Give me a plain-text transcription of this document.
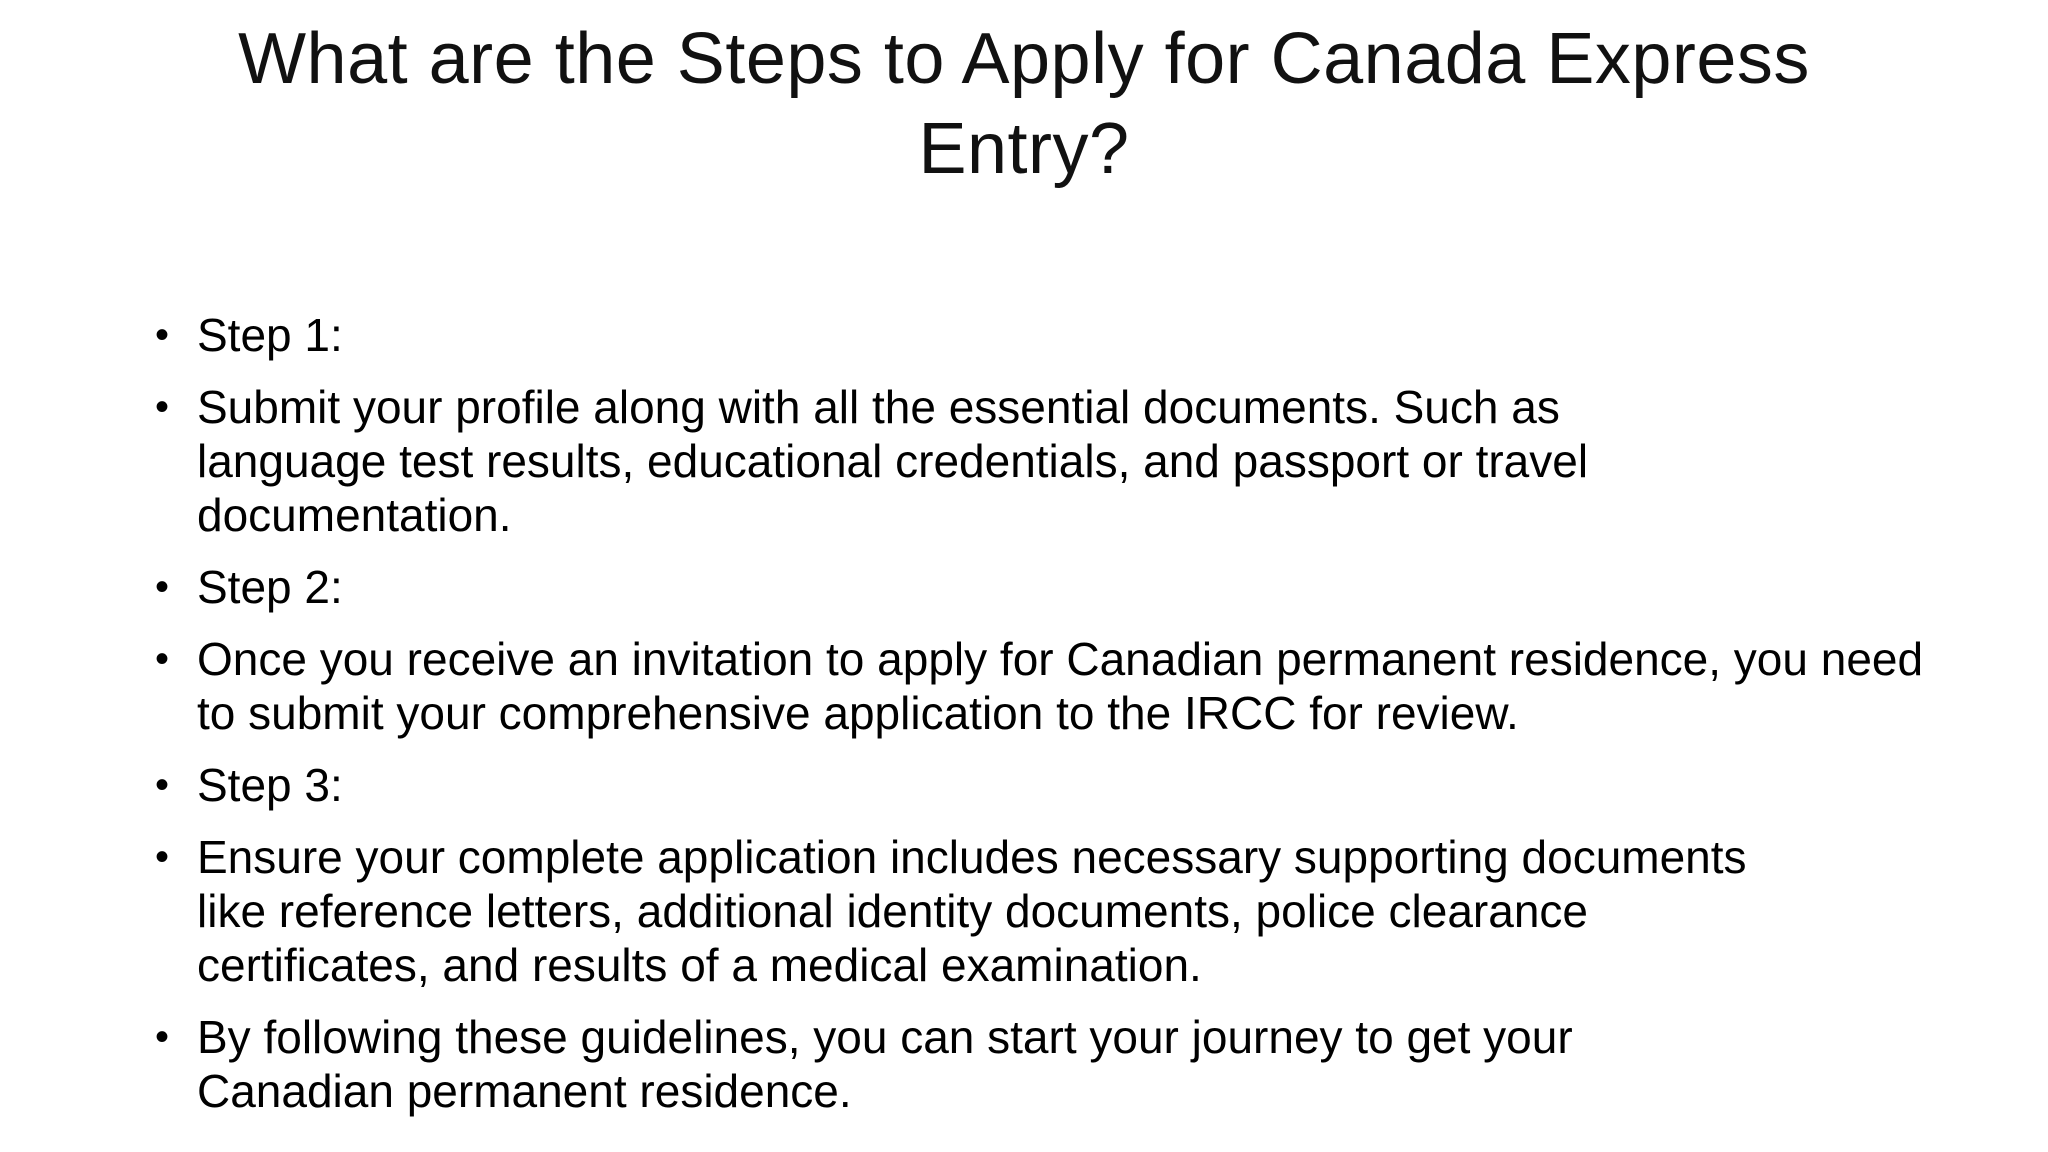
What are the Steps to Apply for Canada Express Entry?
• Step 1:
• Submit your profile along with all the essential documents. Such as language test results, educational credentials, and passport or travel documentation.
• Step 2:
• Once you receive an invitation to apply for Canadian permanent residence, you need to submit your comprehensive application to the IRCC for review.
• Step 3:
• Ensure your complete application includes necessary supporting documents like reference letters, additional identity documents, police clearance certificates, and results of a medical examination.
• By following these guidelines, you can start your journey to get your Canadian permanent residence.
